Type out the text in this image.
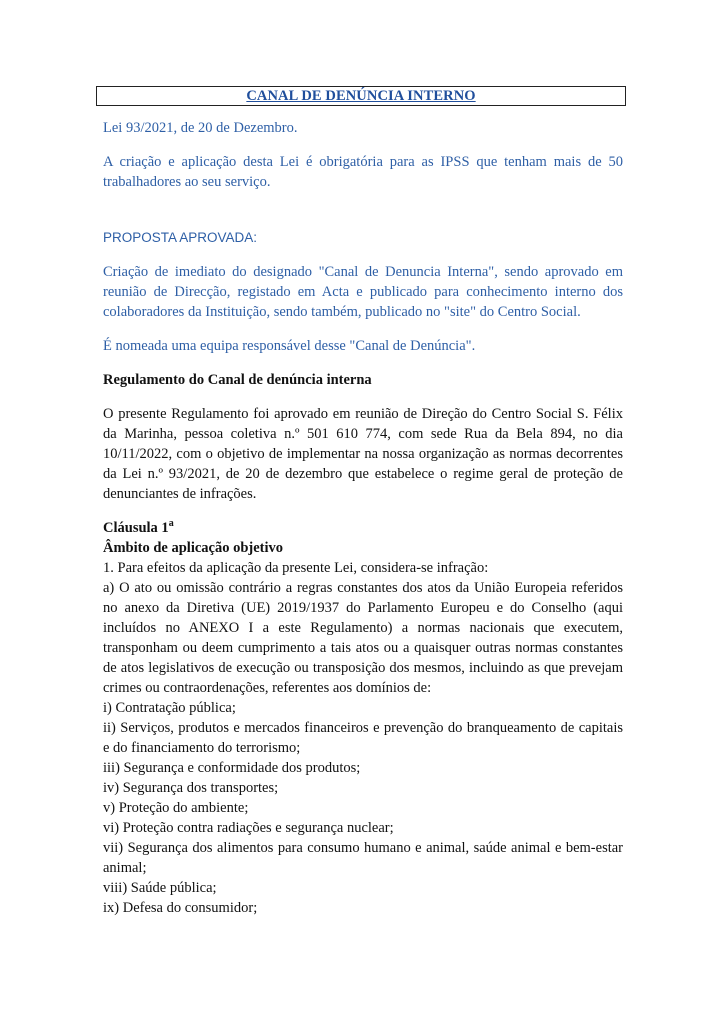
CANAL DE DENÚNCIA INTERNO

Lei 93/2021, de 20 de Dezembro.

A criação e aplicação desta Lei é obrigatória para as IPSS que tenham mais de 50 trabalhadores ao seu serviço.

PROPOSTA APROVADA:

Criação de imediato do designado "Canal de Denuncia Interna", sendo aprovado em reunião de Direcção, registado em Acta e publicado para conhecimento interno dos colaboradores da Instituição, sendo também, publicado no "site" do Centro Social.

É nomeada uma equipa responsável desse "Canal de Denúncia".

Regulamento do Canal de denúncia interna

O presente Regulamento foi aprovado em reunião de Direção do Centro Social S. Félix da Marinha, pessoa coletiva n.º 501 610 774, com sede Rua da Bela 894, no dia 10/11/2022, com o objetivo de implementar na nossa organização as normas decorrentes da Lei n.º 93/2021, de 20 de dezembro que estabelece o regime geral de proteção de denunciantes de infrações.

Cláusula 1$^a$

Âmbito de aplicação objetivo

1. Para efeitos da aplicação da presente Lei, considera-se infração:

a) O ato ou omissão contrário a regras constantes dos atos da União Europeia referidos no anexo da Diretiva (UE) 2019/1937 do Parlamento Europeu e do Conselho (aqui incluídos no ANEXO I a este Regulamento) a normas nacionais que executem, transponham ou deem cumprimento a tais atos ou a quaisquer outras normas constantes de atos legislativos de execução ou transposição dos mesmos, incluindo as que prevejam crimes ou contraordenações, referentes aos domínios de:

i) Contratação pública;
ii) Serviços, produtos e mercados financeiros e prevenção do branqueamento de capitais e do financiamento do terrorismo;
iii) Segurança e conformidade dos produtos;
iv) Segurança dos transportes;
v) Proteção do ambiente;
vi) Proteção contra radiações e segurança nuclear;
vii) Segurança dos alimentos para consumo humano e animal, saúde animal e bem-estar animal;
viii) Saúde pública;
ix) Defesa do consumidor;
